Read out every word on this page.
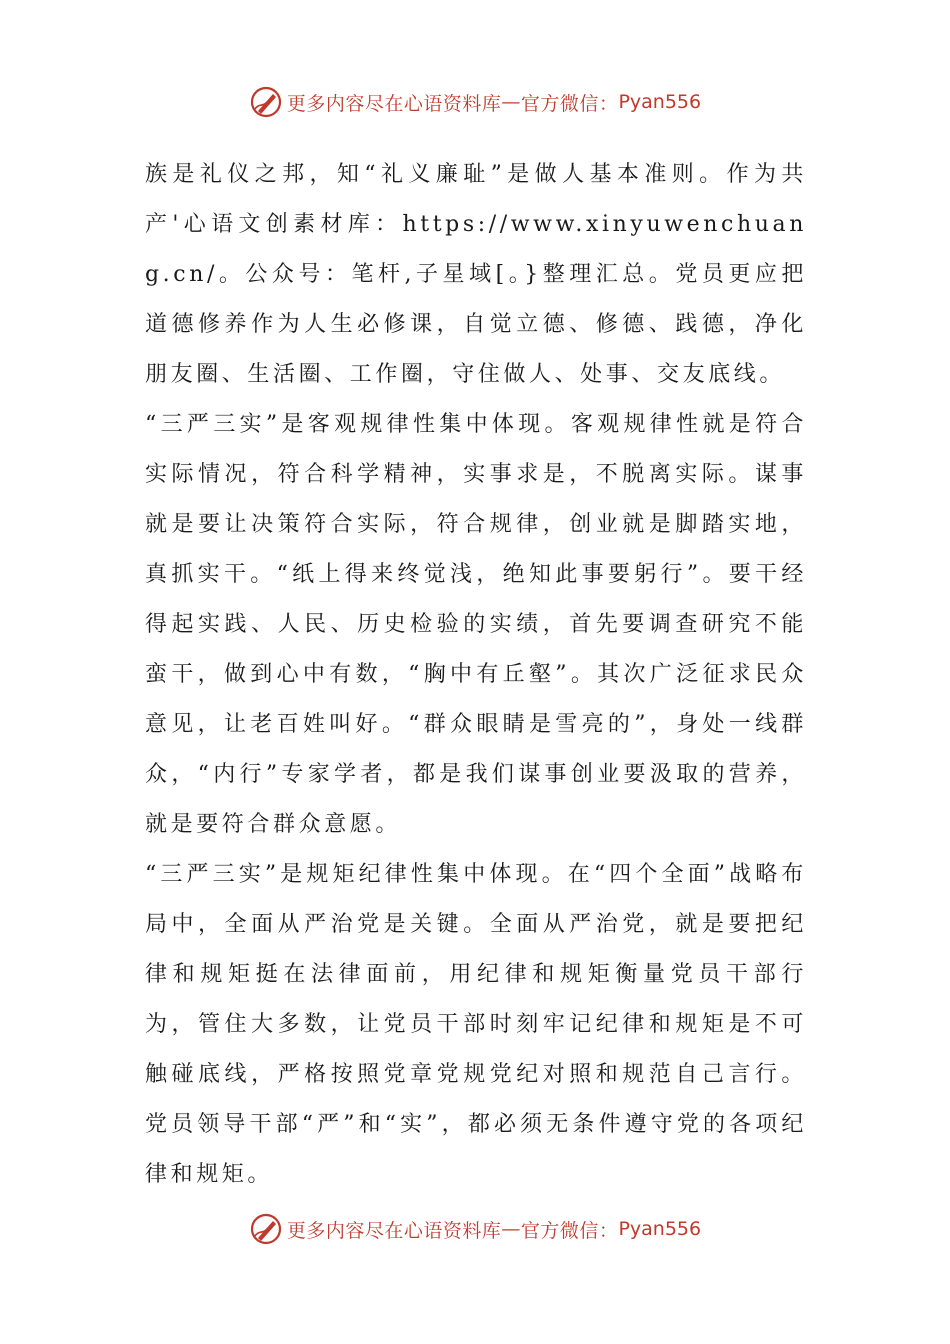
更多内容尽在心语资料库 — 官方微信： Pyan556

族是礼仪之邦，知“礼义廉耻”是做人基本准则。作为共产'心语文创素材库：https://www.xinyuwenchuang.cn/。公众号：笔杆,子星域[。}整理汇总。党员更应把道德修养作为人生必修课，自觉立德、修德、践德，净化朋友圈、生活圈、工作圈，守住做人、处事、交友底线。

“三严三实”是客观规律性集中体现。客观规律性就是符合实际情况，符合科学精神，实事求是，不脱离实际。谋事就是要让决策符合实际，符合规律，创业就是脚踏实地，真抓实干。“纸上得来终觉浅，绝知此事要躬行”。要干经得起实践、人民、历史检验的实绩，首先要调查研究不能蛮干，做到心中有数，“胸中有丘壑”。其次广泛征求民众意见，让老百姓叫好。“群众眼睛是雪亮的”，身处一线群众，“内行”专家学者，都是我们谋事创业要汲取的营养，就是要符合群众意愿。

“三严三实”是规矩纪律性集中体现。在“四个全面”战略布局中，全面从严治党是关键。全面从严治党，就是要把纪律和规矩挺在法律面前，用纪律和规矩衡量党员干部行为，管住大多数，让党员干部时刻牢记纪律和规矩是不可触碰底线，严格按照党章党规党纪对照和规范自己言行。党员领导干部“严”和“实”，都必须无条件遵守党的各项纪律和规矩。

更多内容尽在心语资料库 — 官方微信： Pyan556
